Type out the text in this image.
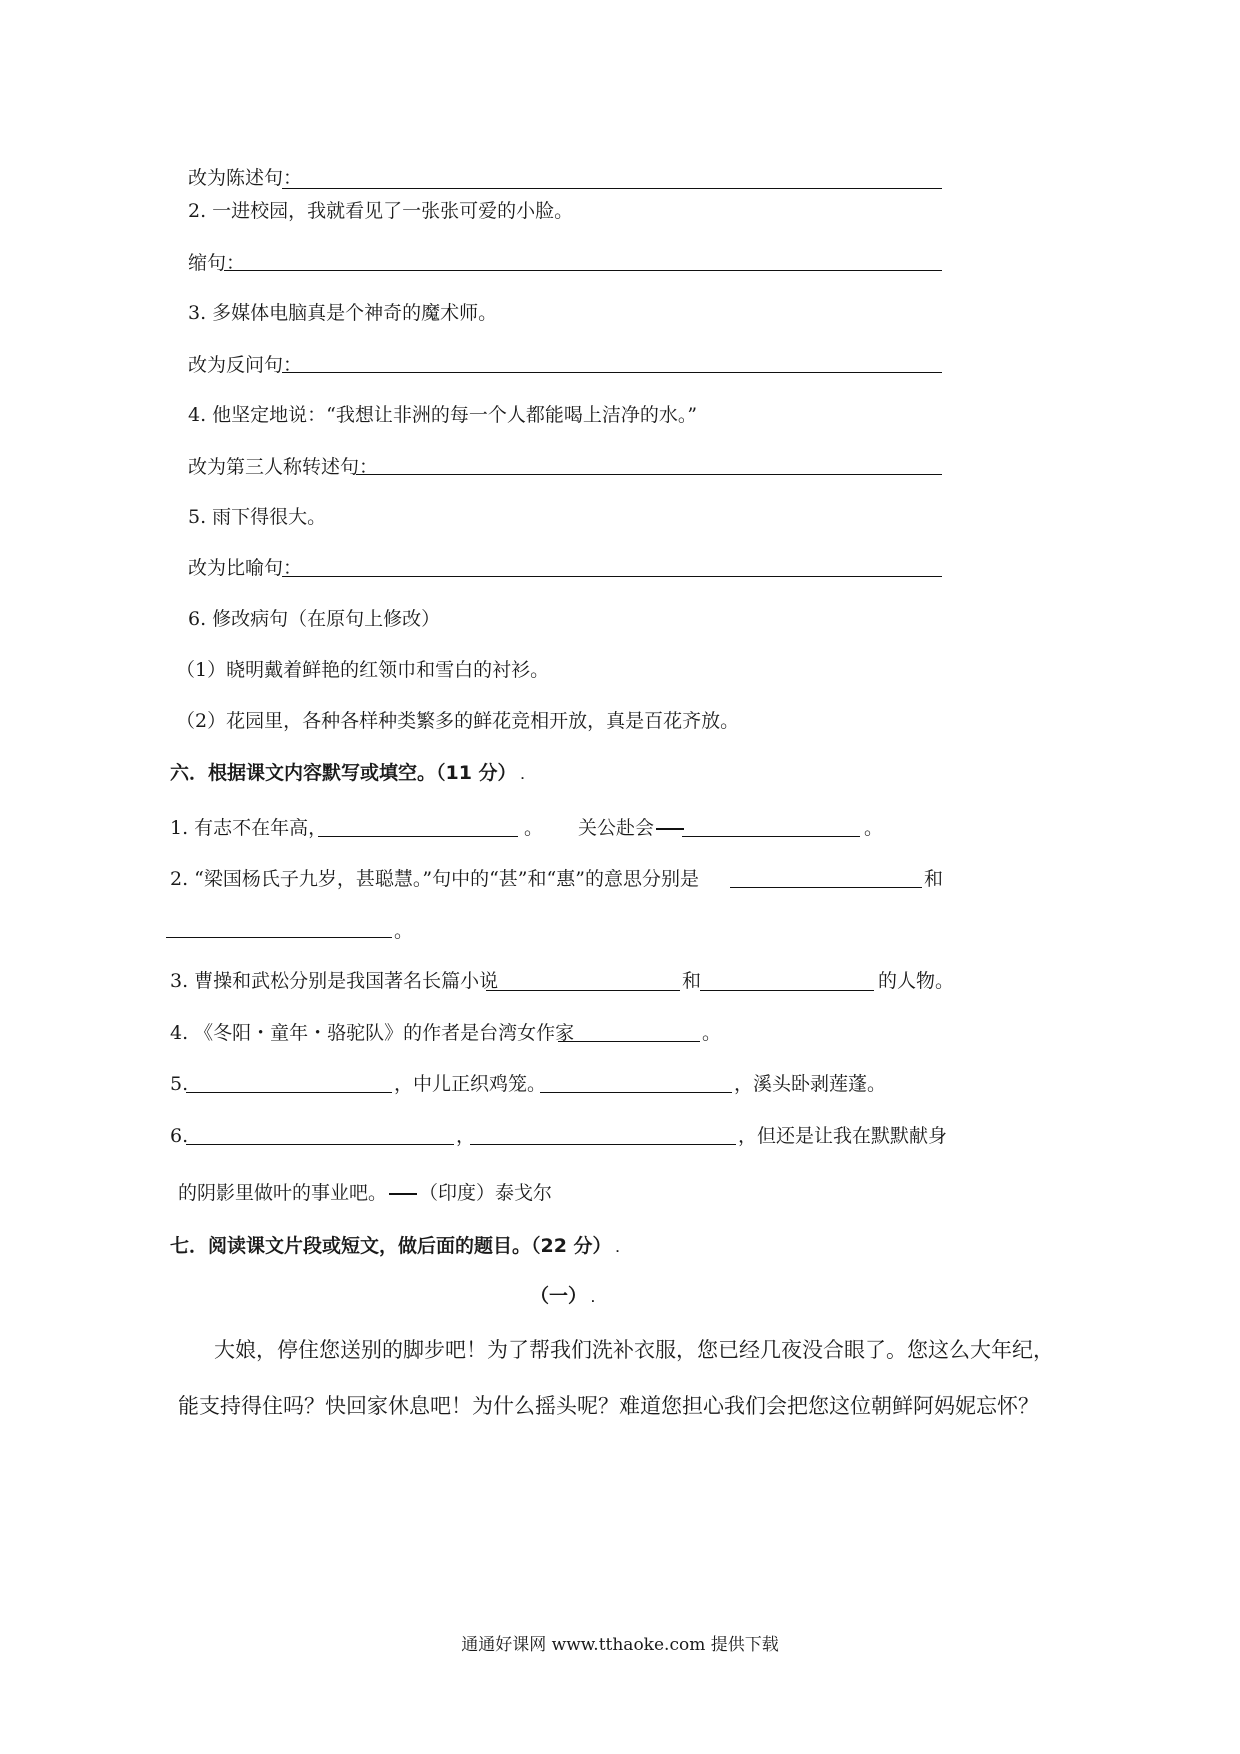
改为陈述句：
2. 一进校园，我就看见了一张张可爱的小脸。
缩句：
3. 多媒体电脑真是个神奇的魔术师。
改为反问句：
4. 他坚定地说：“我想让非洲的每一个人都能喝上洁净的水。”
改为第三人称转述句：
5. 雨下得很大。
改为比喻句：
6. 修改病句（在原句上修改）
（1）晓明戴着鲜艳的红领巾和雪白的衬衫。
（2）花园里，各种各样种类繁多的鲜花竞相开放，真是百花齐放。
六．根据课文内容默写或填空。（11 分） .
1. 有志不在年高，	。 关公赴会	。
2. “梁国杨氏子九岁，甚聪慧。”句中的“甚”和“惠”的意思分别是	和
。
3. 曹操和武松分别是我国著名长篇小说	和	的人物。
4. 《冬阳・童年・骆驼队》的作者是台湾女作家	。
5.	，中儿正织鸡笼。	，溪头卧剥莲蓬。
6.	，	，但还是让我在默默献身
的阴影里做叶的事业吧。 （印度）泰戈尔
七．阅读课文片段或短文，做后面的题目。（22 分） .
（一） .
大娘，停住您送别的脚步吧！为了帮我们洗补衣服，您已经几夜没合眼了。您这么大年纪，
能支持得住吗？快回家休息吧！为什么摇头呢？难道您担心我们会把您这位朝鲜阿妈妮忘怀？
通通好课网 www.tthaoke.com 提供下载
